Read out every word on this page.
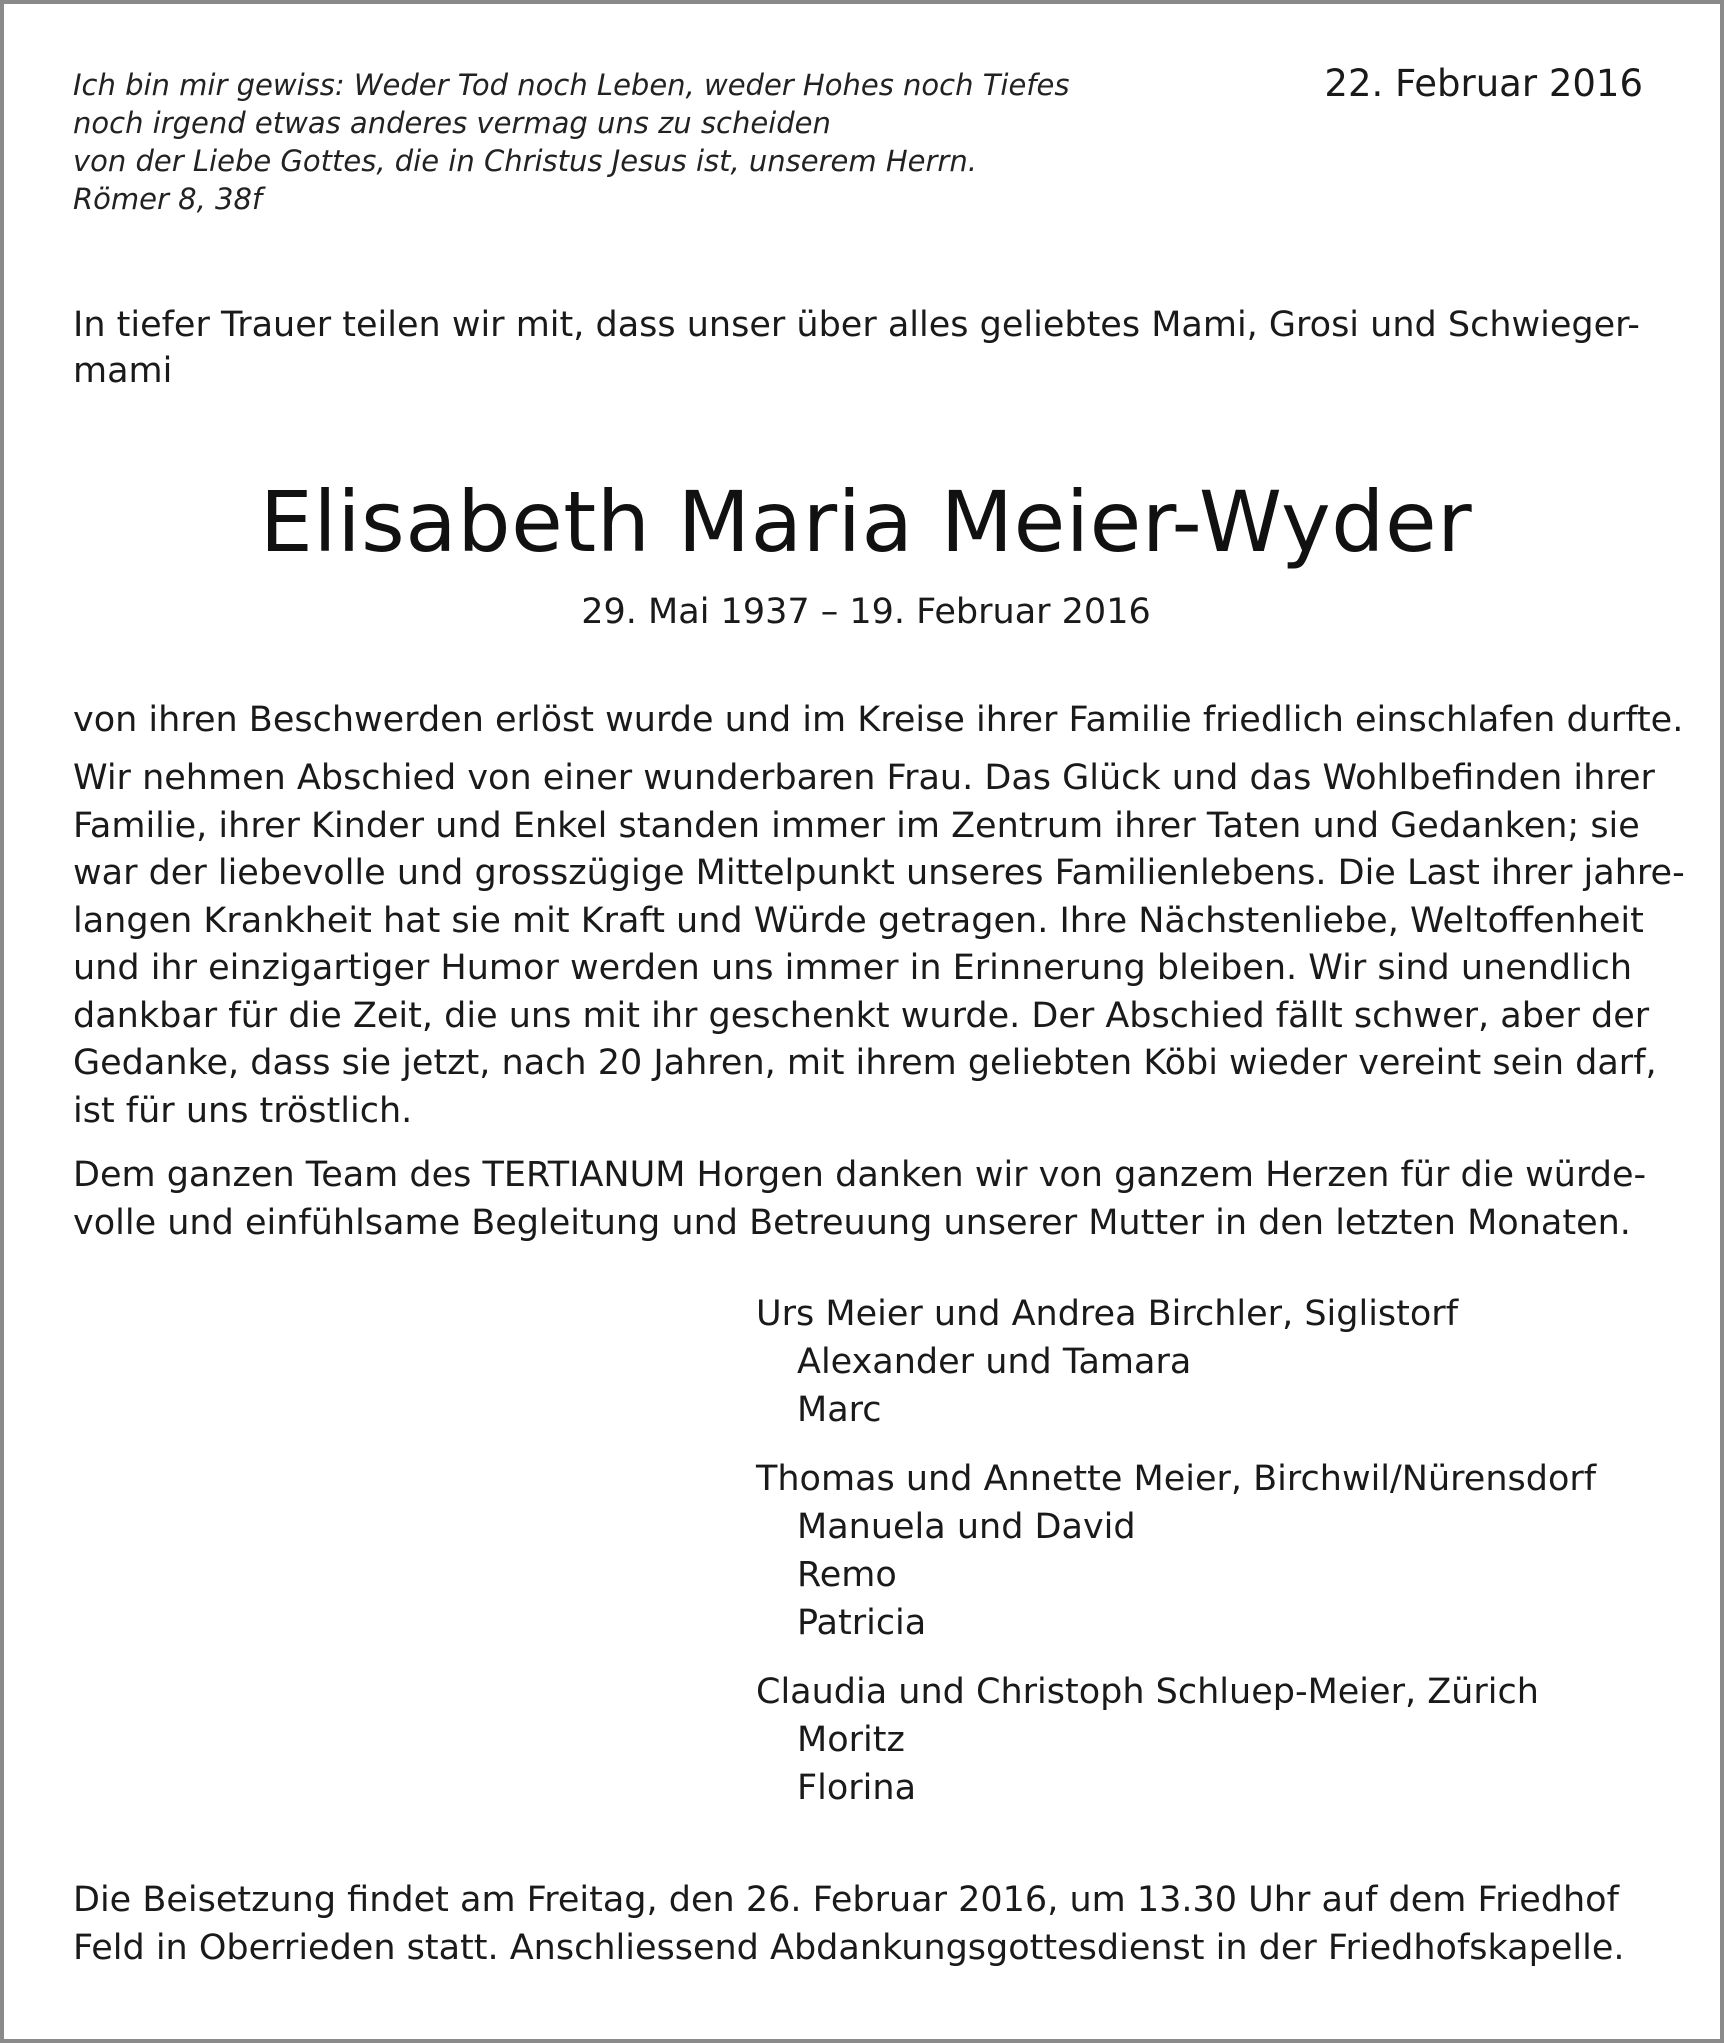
Ich bin mir gewiss: Weder Tod noch Leben, weder Hohes noch Tiefes
noch irgend etwas anderes vermag uns zu scheiden
von der Liebe Gottes, die in Christus Jesus ist, unserem Herrn.
Römer 8, 38f
22. Februar 2016
In tiefer Trauer teilen wir mit, dass unser über alles geliebtes Mami, Grosi und Schwieger-
mami
Elisabeth Maria Meier-Wyder
29. Mai 1937 – 19. Februar 2016
von ihren Beschwerden erlöst wurde und im Kreise ihrer Familie friedlich einschlafen durfte.
Wir nehmen Abschied von einer wunderbaren Frau. Das Glück und das Wohlbefinden ihrer
Familie, ihrer Kinder und Enkel standen immer im Zentrum ihrer Taten und Gedanken; sie
war der liebevolle und grosszügige Mittelpunkt unseres Familienlebens. Die Last ihrer jahre-
langen Krankheit hat sie mit Kraft und Würde getragen. Ihre Nächstenliebe, Weltoffenheit
und ihr einzigartiger Humor werden uns immer in Erinnerung bleiben. Wir sind unendlich
dankbar für die Zeit, die uns mit ihr geschenkt wurde. Der Abschied fällt schwer, aber der
Gedanke, dass sie jetzt, nach 20 Jahren, mit ihrem geliebten Köbi wieder vereint sein darf,
ist für uns tröstlich.
Dem ganzen Team des TERTIANUM Horgen danken wir von ganzem Herzen für die würde-
volle und einfühlsame Begleitung und Betreuung unserer Mutter in den letzten Monaten.
Urs Meier und Andrea Birchler, Siglistorf
Alexander und Tamara
Marc
Thomas und Annette Meier, Birchwil/Nürensdorf
Manuela und David
Remo
Patricia
Claudia und Christoph Schluep-Meier, Zürich
Moritz
Florina
Die Beisetzung findet am Freitag, den 26. Februar 2016, um 13.30 Uhr auf dem Friedhof
Feld in Oberrieden statt. Anschliessend Abdankungsgottesdienst in der Friedhofskapelle.
